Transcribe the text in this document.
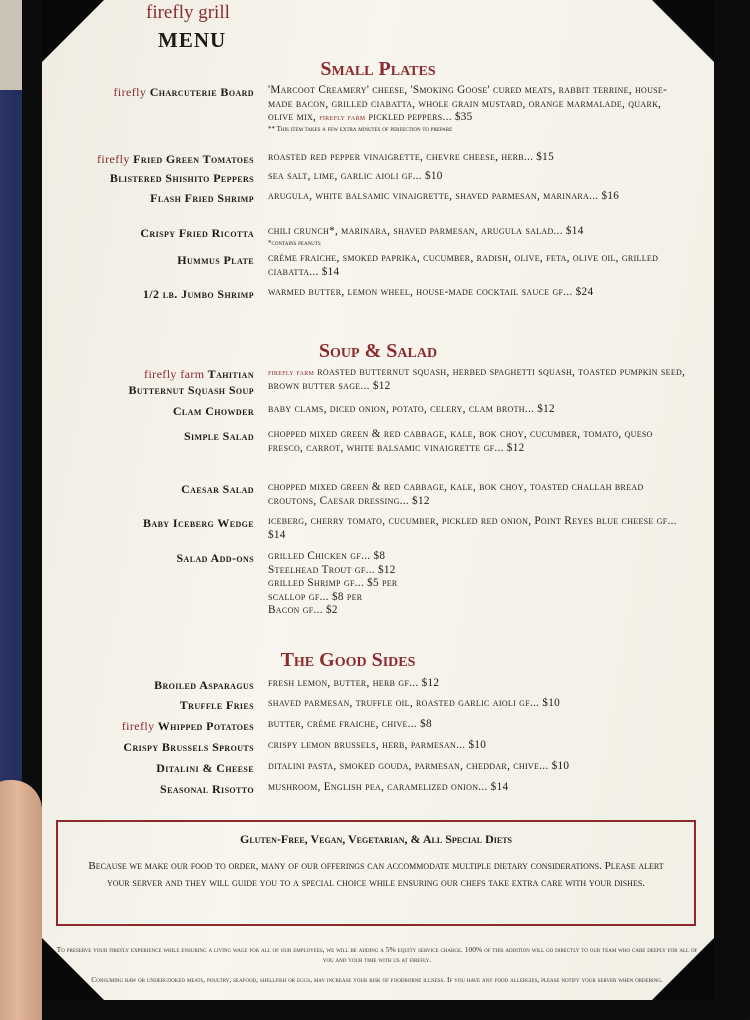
firefly grill
MENU
Small Plates
firefly Charcuterie Board 'Marcoot Creamery' cheese, 'Smoking Goose' cured meats, rabbit terrine, house-made bacon, grilled ciabatta, whole grain mustard, orange marmalade, quark, olive mix, firefly farm pickled peppers... $35
** This item takes a few extra minutes of perfection to prepare
firefly Fried Green Tomatoes roasted red pepper vinaigrette, chevre cheese, herb... $15
Blistered Shishito Peppers sea salt, lime, garlic aioli gf... $10
Flash Fried Shrimp arugula, white balsamic vinaigrette, shaved parmesan, marinara... $16
Crispy Fried Ricotta chili crunch*, marinara, shaved parmesan, arugula salad... $14
*contains peanuts
Hummus Plate crème fraiche, smoked paprika, cucumber, radish, olive, feta, olive oil, grilled ciabatta... $14
1/2 lb. Jumbo Shrimp warmed butter, lemon wheel, house-made cocktail sauce gf... $24
Soup & Salad
firefly farm Tahitian
Butternut Squash Soup
firefly farm roasted butternut squash, herbed spaghetti squash, toasted pumpkin seed, brown butter sage... $12
Clam Chowder baby clams, diced onion, potato, celery, clam broth... $12
Simple Salad chopped mixed green & red cabbage, kale, bok choy, cucumber, tomato, queso fresco, carrot, white balsamic vinaigrette gf... $12
Caesar Salad chopped mixed green & red cabbage, kale, bok choy, toasted challah bread croutons, Caesar dressing... $12
Baby Iceberg Wedge iceberg, cherry tomato, cucumber, pickled red onion, Point Reyes blue cheese gf... $14
Salad Add-ons grilled Chicken gf... $8
Steelhead Trout gf... $12
grilled Shrimp gf... $5 per
scallop gf... $8 per
Bacon gf... $2
The Good Sides
Broiled Asparagus fresh lemon, butter, herb gf... $12
Truffle Fries shaved parmesan, truffle oil, roasted garlic aioli gf... $10
firefly Whipped Potatoes butter, crème fraiche, chive... $8
Crispy Brussels Sprouts crispy lemon brussels, herb, parmesan... $10
Ditalini & Cheese ditalini pasta, smoked gouda, parmesan, cheddar, chive... $10
Seasonal Risotto mushroom, English pea, caramelized onion... $14
Gluten-Free, Vegan, Vegetarian, & All Special Diets
Because we make our food to order, many of our offerings can accommodate multiple dietary considerations. Please alert your server and they will guide you to a special choice while ensuring our chefs take extra care with your dishes.
To preserve your firefly experience while ensuring a living wage for all of our employees, we will be adding a 5% equity service charge. 100% of this addition will go directly to our team who care deeply for all of you and your time with us at firefly.
Consuming raw or undercooked meats, poultry, seafood, shellfish or eggs, may increase your risk of foodborne illness. If you have any food allergies, please notify your server when ordering.
